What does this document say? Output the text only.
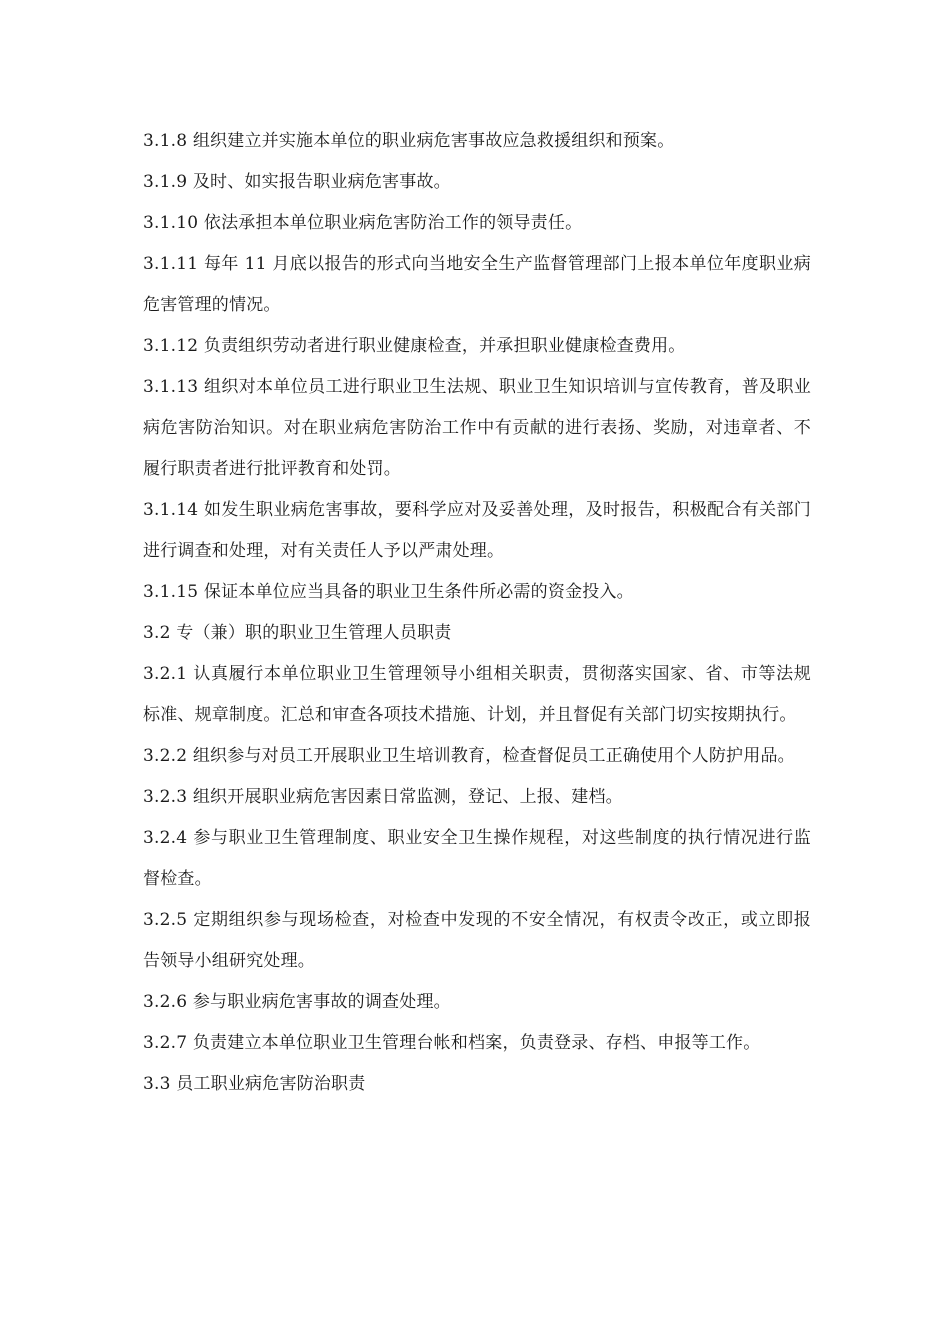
3.1.8 组织建立并实施本单位的职业病危害事故应急救援组织和预案。

3.1.9 及时、如实报告职业病危害事故。

3.1.10 依法承担本单位职业病危害防治工作的领导责任。

3.1.11 每年 11 月底以报告的形式向当地安全生产监督管理部门上报本单位年度职业病危害管理的情况。

3.1.12 负责组织劳动者进行职业健康检查，并承担职业健康检查费用。

3.1.13 组织对本单位员工进行职业卫生法规、职业卫生知识培训与宣传教育，普及职业病危害防治知识。对在职业病危害防治工作中有贡献的进行表扬、奖励，对违章者、不履行职责者进行批评教育和处罚。

3.1.14 如发生职业病危害事故，要科学应对及妥善处理，及时报告，积极配合有关部门进行调查和处理，对有关责任人予以严肃处理。

3.1.15 保证本单位应当具备的职业卫生条件所必需的资金投入。

3.2 专（兼）职的职业卫生管理人员职责

3.2.1 认真履行本单位职业卫生管理领导小组相关职责，贯彻落实国家、省、市等法规标准、规章制度。汇总和审查各项技术措施、计划，并且督促有关部门切实按期执行。

3.2.2 组织参与对员工开展职业卫生培训教育，检查督促员工正确使用个人防护用品。

3.2.3 组织开展职业病危害因素日常监测，登记、上报、建档。

3.2.4 参与职业卫生管理制度、职业安全卫生操作规程，对这些制度的执行情况进行监督检查。

3.2.5 定期组织参与现场检查，对检查中发现的不安全情况，有权责令改正，或立即报告领导小组研究处理。

3.2.6 参与职业病危害事故的调查处理。

3.2.7 负责建立本单位职业卫生管理台帐和档案，负责登录、存档、申报等工作。

3.3 员工职业病危害防治职责
